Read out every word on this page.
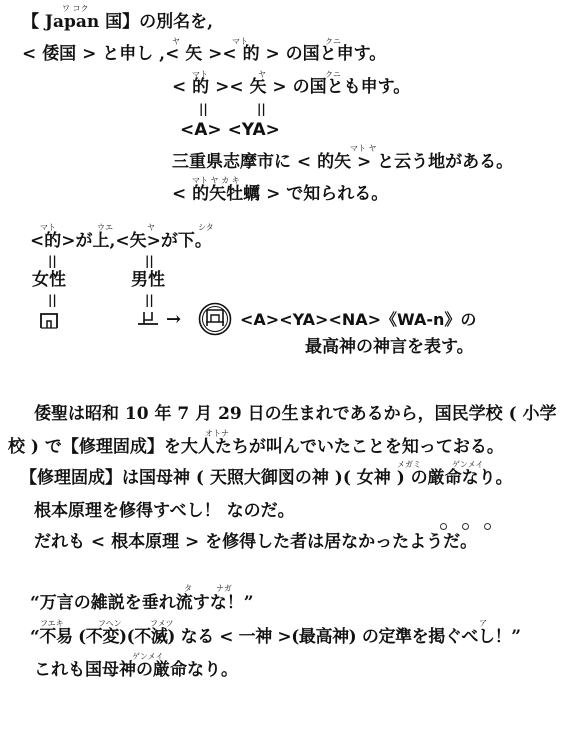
ワ コク
【 Japan 国】の別名を,
ヤ	マト	クニ
< 倭国 > と申し ,< 矢 >< 的 > の国と申す。
マト	ヤ	クニ
< 的 >< 矢 > の国とも申す。
||	||
<A> <YA>
マト ヤ
三重県志摩市に < 的矢 > と云う地がある。
マト ヤ カ キ
< 的矢牡蠣 > で知られる。
マト	ウエ	ヤ	シタ
<的>が上,<矢>が下。
||	||
女性	男性
||	||
→	<A><YA><NA>《WA-n》の
最高神の神言を表す。
倭聖は昭和 10 年 7 月 29 日の生まれであるから，国民学校 ( 小学
オトナ
校 ) で【修理固成】を大人たちが叫んでいたことを知っておる。
メガミ	ゲンメイ
【修理固成】は国母神 ( 天照大御図の神 )( 女神 ) の厳命なり。
根本原理を修得すべし！ なのだ。
だれも < 根本原理 > を修得した者は居なかったようだ。
タ	ナガ
“万言の雑説を垂れ流すな！”
フエキ	フヘン	フメツ	ア
“不易 (不変)(不滅) なる < 一神 >(最高神) の定準を掲ぐべし！”
ゲンメイ
これも国母神の厳命なり。
